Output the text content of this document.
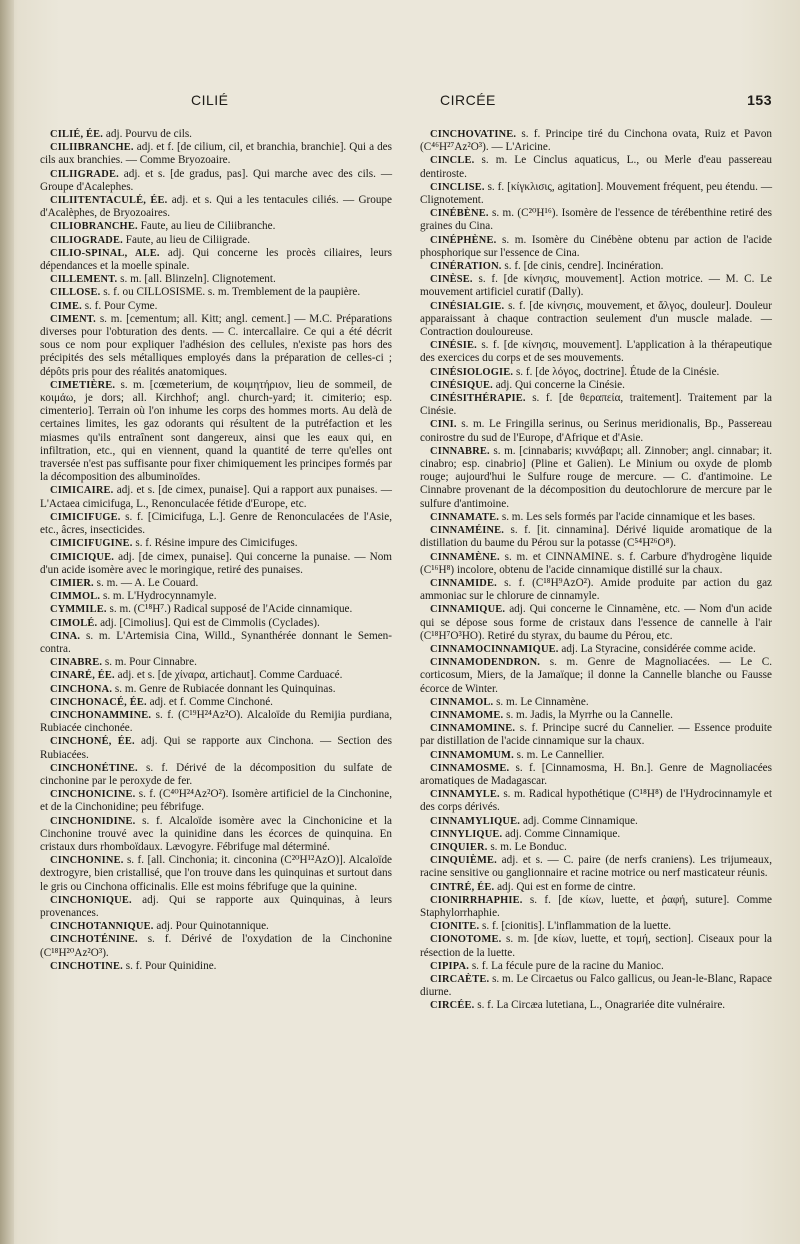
CILIÉ	CIRCÉE	153

CILIÉ, ÉE. adj. Pourvu de cils.

CILIIBRANCHE. adj. et f. [de cilium, cil, et branchia, branchie]. Qui a des cils aux branchies. — Comme Bryozoaire.

CILIIGRADE. adj. et s. [de gradus, pas]. Qui marche avec des cils. — Groupe d'Acalephes.

CILIITENTACULÉ, ÉE. adj. et s. Qui a les tentacules ciliés. — Groupe d'Acalèphes, de Bryozoaires.

CILIOBRANCHE. Faute, au lieu de Ciliibranche.

CILIOGRADE. Faute, au lieu de Ciliigrade.

CILIO-SPINAL, ALE. adj. Qui concerne les procès ciliaires, leurs dépendances et la moelle spinale.

CILLEMENT. s. m. [all. Blinzeln]. Clignotement.

CILLOSE. s. f. ou CILLOSISME. s. m. Tremblement de la paupière.

CIME. s. f. Pour Cyme.

CIMENT. s. m. [cementum; all. Kitt; angl. cement.] — M.C. Préparations diverses pour l'obturation des dents. — C. intercallaire. Ce qui a été décrit sous ce nom pour expliquer l'adhésion des cellules, n'existe pas hors des précipités des sels métalliques employés dans la préparation de celles-ci ; dépôts pris pour des réalités anatomiques.

CIMETIÈRE. s. m. [cœmeterium, de κοιμητήριον, lieu de sommeil, de κοιμάω, je dors; all. Kirchhof; angl. church-yard; it. cimiterio; esp. cimenterio]. Terrain où l'on inhume les corps des hommes morts. Au delà de certaines limites, les gaz odorants qui résultent de la putréfaction et les miasmes qu'ils entraînent sont dangereux, ainsi que les eaux qui, en infiltration, etc., qui en viennent, quand la quantité de terre qu'elles ont traversée n'est pas suffisante pour fixer chimiquement les principes formés par la décomposition des albuminoïdes.

CIMICAIRE. adj. et s. [de cimex, punaise]. Qui a rapport aux punaises. — L'Actaea cimicifuga, L., Renonculacée fétide d'Europe, etc.

CIMICIFUGE. s. f. [Cimicifuga, L.]. Genre de Renonculacées de l'Asie, etc., âcres, insecticides.

CIMICIFUGINE. s. f. Résine impure des Cimicifuges.

CIMICIQUE. adj. [de cimex, punaise]. Qui concerne la punaise. — Nom d'un acide isomère avec le moringique, retiré des punaises.

CIMIER. s. m. — A. Le Couard.

CIMMOL. s. m. L'Hydrocynnamyle.

CYMMILE. s. m. (C¹⁸H⁷.) Radical supposé de l'Acide cinnamique.

CIMOLÉ. adj. [Cimolius]. Qui est de Cimmolis (Cyclades).

CINA. s. m. L'Artemisia Cina, Willd., Synanthérée donnant le Semen-contra.

CINABRE. s. m. Pour Cinnabre.

CINARÉ, ÉE. adj. et s. [de χίναρα, artichaut]. Comme Carduacé.

CINCHONA. s. m. Genre de Rubiacée donnant les Quinquinas.

CINCHONACÉ, ÉE. adj. et f. Comme Cinchoné.

CINCHONAMMINE. s. f. (C¹⁹H²⁴Az²O). Alcaloïde du Remijia purdiana, Rubiacée cinchonée.

CINCHONÉ, ÉE. adj. Qui se rapporte aux Cinchona. — Section des Rubiacées.

CINCHONÉTINE. s. f. Dérivé de la décomposition du sulfate de cinchonine par le peroxyde de fer.

CINCHONICINE. s. f. (C⁴⁰H²⁴Az²O²). Isomère artificiel de la Cinchonine, et de la Cinchonidine; peu fébrifuge.

CINCHONIDINE. s. f. Alcaloïde isomère avec la Cinchonicine et la Cinchonine trouvé avec la quinidine dans les écorces de quinquina. En cristaux durs rhomboïdaux. Lævogyre. Fébrifuge mal déterminé.

CINCHONINE. s. f. [all. Cinchonia; it. cinconina (C²⁰H¹²AzO)]. Alcaloïde dextrogyre, bien cristallisé, que l'on trouve dans les quinquinas et surtout dans le gris ou Cinchona officinalis. Elle est moins fébrifuge que la quinine.

CINCHONIQUE. adj. Qui se rapporte aux Quinquinas, à leurs provenances.

CINCHOTANNIQUE. adj. Pour Quinotannique.

CINCHOTÉNINE. s. f. Dérivé de l'oxydation de la Cinchonine (C¹⁸H²⁰Az²O³).

CINCHOTINE. s. f. Pour Quinidine.

CINCHOVATINE. s. f. Principe tiré du Cinchona ovata, Ruiz et Pavon (C⁴⁶H²⁷Az²O³). — L'Aricine.

CINCLE. s. m. Le Cinclus aquaticus, L., ou Merle d'eau passereau dentiroste.

CINCLISE. s. f. [κίγκλισις, agitation]. Mouvement fréquent, peu étendu. — Clignotement.

CINÉBÈNE. s. m. (C²⁰H¹⁶). Isomère de l'essence de térébenthine retiré des graines du Cina.

CINÉPHÈNE. s. m. Isomère du Cinébène obtenu par action de l'acide phosphorique sur l'essence de Cina.

CINÉRATION. s. f. [de cinis, cendre]. Incinération.

CINÈSE. s. f. [de κίνησις, mouvement]. Action motrice. — M. C. Le mouvement artificiel curatif (Dally).

CINÉSIALGIE. s. f. [de κίνησις, mouvement, et ἄλγος, douleur]. Douleur apparaissant à chaque contraction seulement d'un muscle malade. — Contraction douloureuse.

CINÉSIE. s. f. [de κίνησις, mouvement]. L'application à la thérapeutique des exercices du corps et de ses mouvements.

CINÉSIOLOGIE. s. f. [de λόγος, doctrine]. Étude de la Cinésie.

CINÉSIQUE. adj. Qui concerne la Cinésie.

CINÉSITHÉRAPIE. s. f. [de θεραπεία, traitement]. Traitement par la Cinésie.

CINI. s. m. Le Fringilla serinus, ou Serinus meridionalis, Bp., Passereau conirostre du sud de l'Europe, d'Afrique et d'Asie.

CINNABRE. s. m. [cinnabaris; κιννάβαρι; all. Zinnober; angl. cinnabar; it. cinabro; esp. cinabrio] (Pline et Galien). Le Minium ou oxyde de plomb rouge; aujourd'hui le Sulfure rouge de mercure. — C. d'antimoine. Le Cinnabre provenant de la décomposition du deutochlorure de mercure par le sulfure d'antimoine.

CINNAMATE. s. m. Les sels formés par l'acide cinnamique et les bases.

CINNAMÉINE. s. f. [it. cinnamina]. Dérivé liquide aromatique de la distillation du baume du Pérou sur la potasse (C⁵⁴H²⁶O⁸).

CINNAMÈNE. s. m. et CINNAMINE. s. f. Carbure d'hydrogène liquide (C¹⁶H⁸) incolore, obtenu de l'acide cinnamique distillé sur la chaux.

CINNAMIDE. s. f. (C¹⁸H⁹AzO²). Amide produite par action du gaz ammoniac sur le chlorure de cinnamyle.

CINNAMIQUE. adj. Qui concerne le Cinnamène, etc. — Nom d'un acide qui se dépose sous forme de cristaux dans l'essence de cannelle à l'air (C¹⁸H⁷O³HO). Retiré du styrax, du baume du Pérou, etc.

CINNAMOCINNAMIQUE. adj. La Styracine, considérée comme acide.

CINNAMODENDRON. s. m. Genre de Magnoliacées. — Le C. corticosum, Miers, de la Jamaïque; il donne la Cannelle blanche ou Fausse écorce de Winter.

CINNAMOL. s. m. Le Cinnamène.

CINNAMOME. s. m. Jadis, la Myrrhe ou la Cannelle.

CINNAMOMINE. s. f. Principe sucré du Cannelier. — Essence produite par distillation de l'acide cinnamique sur la chaux.

CINNAMOMUM. s. m. Le Cannellier.

CINNAMOSME. s. f. [Cinnamosma, H. Bn.]. Genre de Magnoliacées aromatiques de Madagascar.

CINNAMYLE. s. m. Radical hypothétique (C¹⁸H⁸) de l'Hydrocinnamyle et des corps dérivés.

CINNAMYLIQUE. adj. Comme Cinnamique.

CINNYLIQUE. adj. Comme Cinnamique.

CINQUIER. s. m. Le Bonduc.

CINQUIÈME. adj. et s. — C. paire (de nerfs craniens). Les trijumeaux, racine sensitive ou ganglionnaire et racine motrice ou nerf masticateur réunis.

CINTRÉ, ÉE. adj. Qui est en forme de cintre.

CIONIRRHAPHIE. s. f. [de κίων, luette, et ῥαφή, suture]. Comme Staphylorrhaphie.

CIONITE. s. f. [cionitis]. L'inflammation de la luette.

CIONOTOME. s. m. [de κίων, luette, et τομή, section]. Ciseaux pour la résection de la luette.

CIPIPA. s. f. La fécule pure de la racine du Manioc.

CIRCAÈTE. s. m. Le Circaetus ou Falco gallicus, ou Jean-le-Blanc, Rapace diurne.

CIRCÉE. s. f. La Circæa lutetiana, L., Onagrariée dite vulnéraire.
